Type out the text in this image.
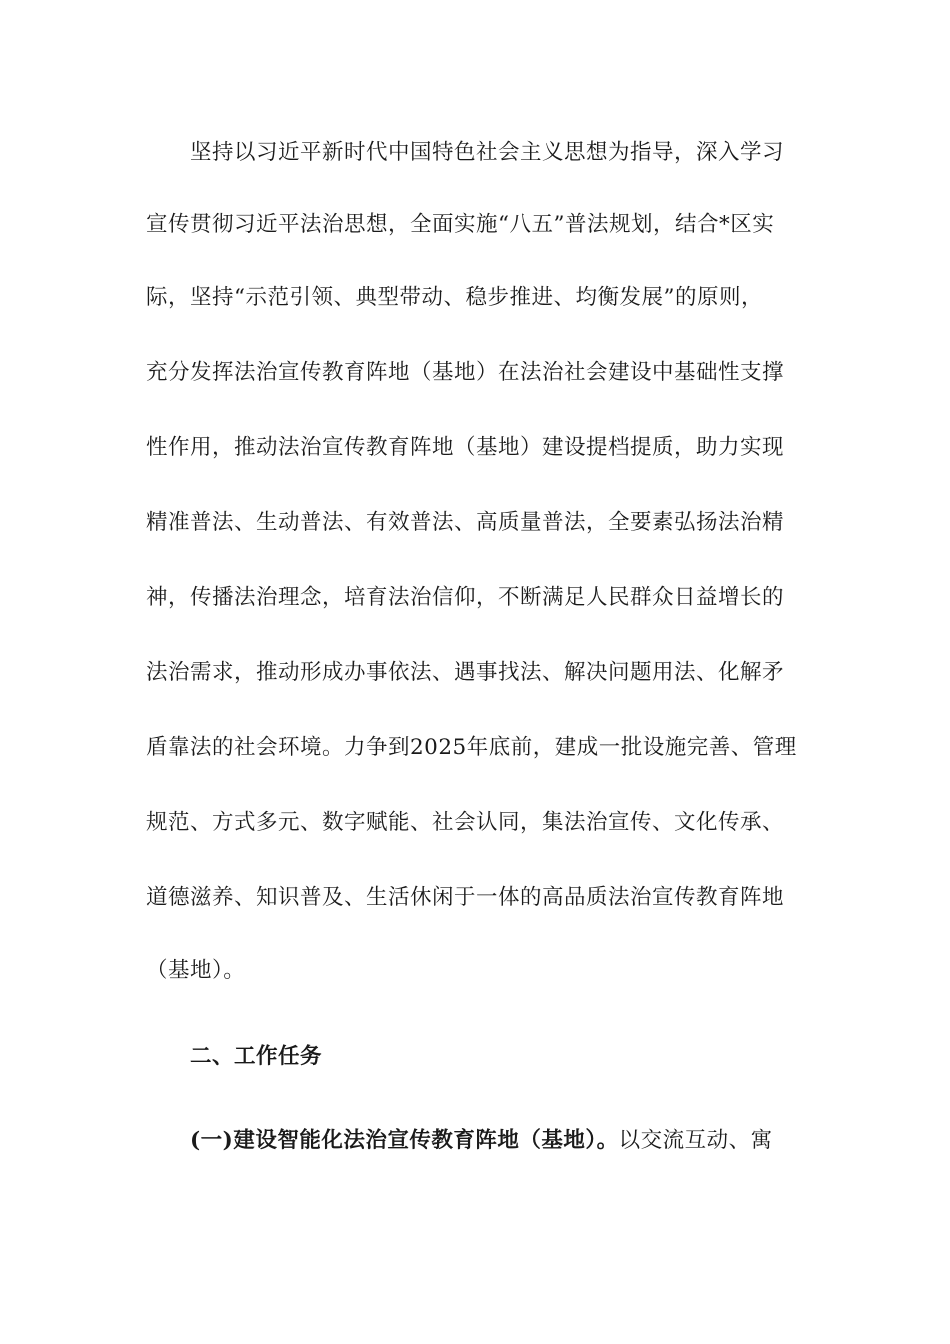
坚持以习近平新时代中国特色社会主义思想为指导，深入学习
宣传贯彻习近平法治思想，全面实施“八五”普法规划，结合*区实
际，坚持“示范引领、典型带动、稳步推进、均衡发展”的原则，
充分发挥法治宣传教育阵地（基地）在法治社会建设中基础性支撑
性作用，推动法治宣传教育阵地（基地）建设提档提质，助力实现
精准普法、生动普法、有效普法、高质量普法，全要素弘扬法治精
神，传播法治理念，培育法治信仰，不断满足人民群众日益增长的
法治需求，推动形成办事依法、遇事找法、解决问题用法、化解矛
盾靠法的社会环境。力争到2025年底前，建成一批设施完善、管理
规范、方式多元、数字赋能、社会认同，集法治宣传、文化传承、
道德滋养、知识普及、生活休闲于一体的高品质法治宣传教育阵地
（基地）。
二、工作任务
(一)建设智能化法治宣传教育阵地（基地）。以交流互动、寓
